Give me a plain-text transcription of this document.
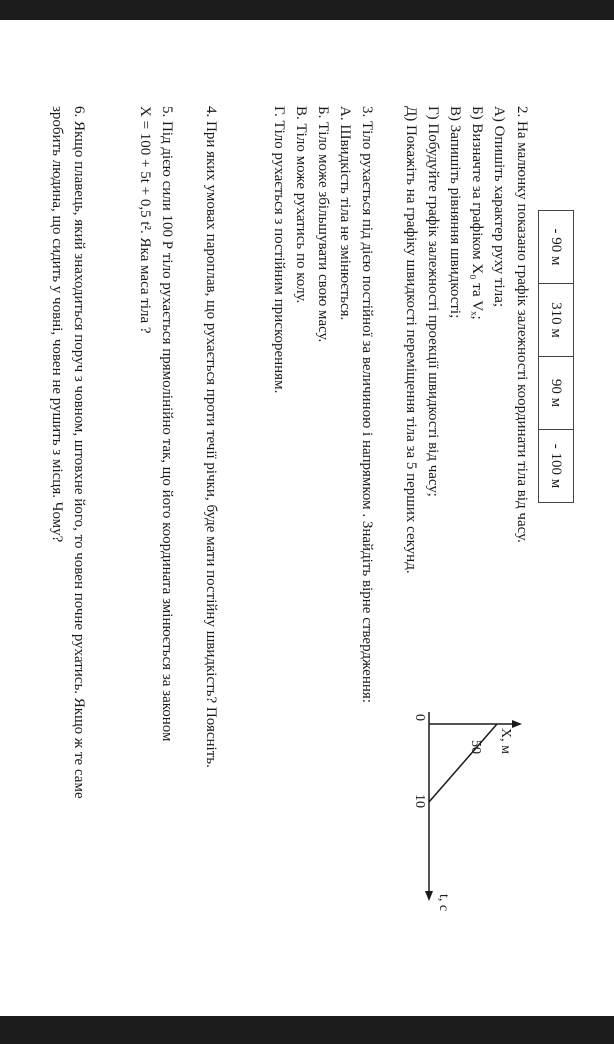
- 90 м	310 м	90 м	- 100 м
2. На малюнку показано графік залежності координати тіла від часу.
А) Опишіть характер руху тіла;
Б) Визначте за графіком X₀ та Vₓ;
В) Запишіть рівняння швидкості;
Г) Побудуйте графік залежності проекції швидкості від часу;
Д) Покажіть на графіку швидкості переміщення тіла за 5 перших секунд.
X, м
t, с
0
50
10
3. Тіло рухається під дією постійної за величиною і напрямком . Знайдіть вірне ствердження:
А. Швидкість тіла не змінюється.
Б. Тіло може збільшувати свою масу.
В. Тіло може рухатись по колу.
Г. Тіло рухається з постійним прискоренням.
4. При яких умовах пароплав, що рухається проти течії річки, буде мати постійну швидкість? Поясніть.
5. Під дією сили 100 Р тіло рухається прямолінійно так, що його координата змінюється за законом
X = 100 + 5t + 0,5 t². Яка маса тіла ?
6. Якщо плавець, який знаходиться поруч з човном, штовхне його, то човен почне рухатись. Якщо ж те саме
зробить людина, що сидить у човні, човен не рушить з місця. Чому?
